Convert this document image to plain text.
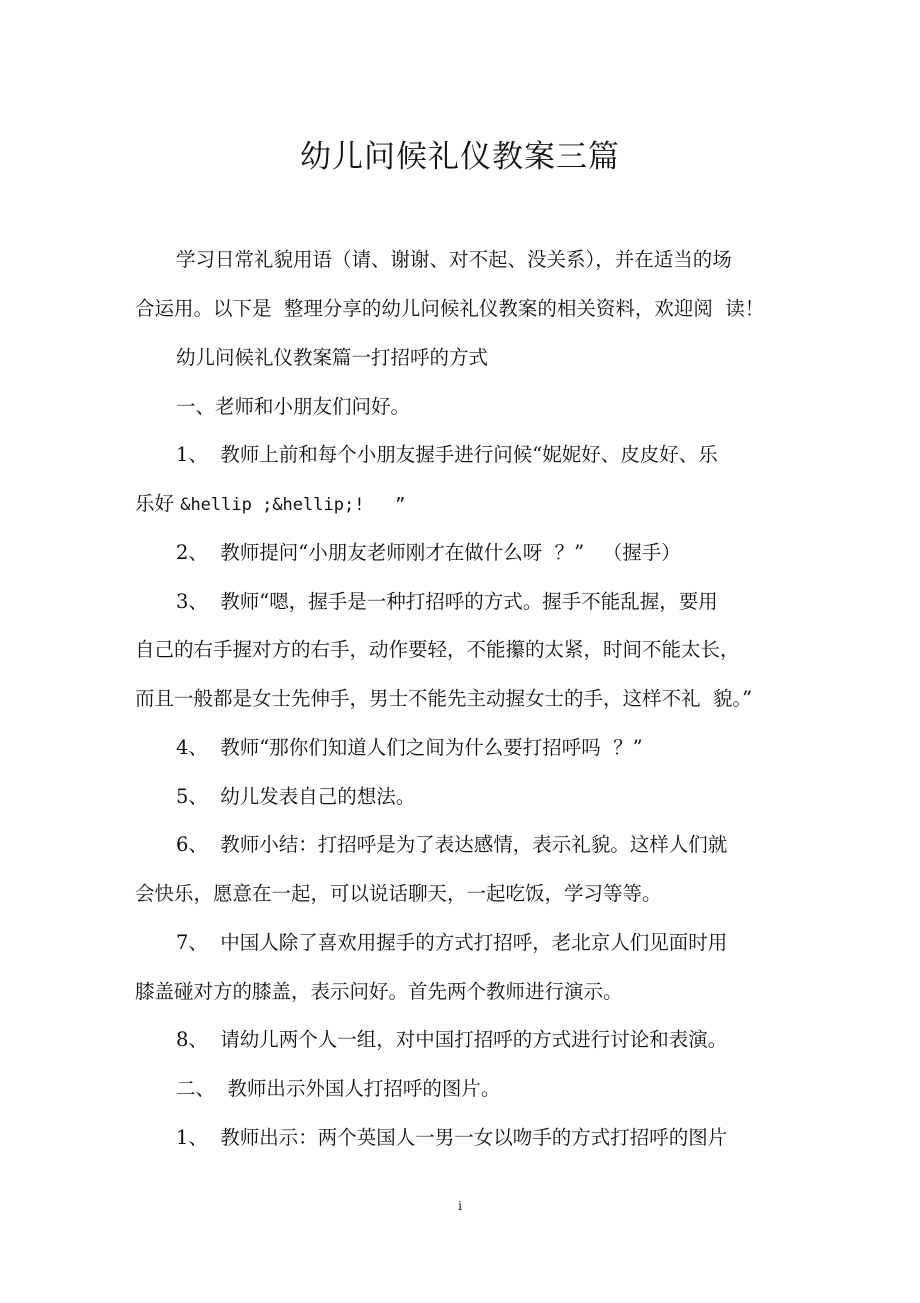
幼儿问候礼仪教案三篇

学习日常礼貌用语（请、谢谢、对不起、没关系），并在适当的场

合运用。以下是  整理分享的幼儿问候礼仪教案的相关资料，欢迎阅  读！

幼儿问候礼仪教案篇一打招呼的方式

一、老师和小朋友们问好。

1、  教师上前和每个小朋友握手进行问候“妮妮好、皮皮好、乐

乐好 &hellip ;&hellip;!   ”

2、  教师提问“小朋友老师刚才在做什么呀  ？”   （握手）

3、  教师“嗯，握手是一种打招呼的方式。握手不能乱握，要用

自己的右手握对方的右手，动作要轻，不能攥的太紧，时间不能太长，

而且一般都是女士先伸手，男士不能先主动握女士的手，这样不礼  貌。”

4、  教师“那你们知道人们之间为什么要打招呼吗  ？”

5、  幼儿发表自己的想法。

6、  教师小结：打招呼是为了表达感情，表示礼貌。这样人们就

会快乐，愿意在一起，可以说话聊天，一起吃饭，学习等等。

7、  中国人除了喜欢用握手的方式打招呼，老北京人们见面时用

膝盖碰对方的膝盖，表示问好。首先两个教师进行演示。

8、  请幼儿两个人一组，对中国打招呼的方式进行讨论和表演。

二、  教师出示外国人打招呼的图片。

1、  教师出示：两个英国人一男一女以吻手的方式打招呼的图片

i
